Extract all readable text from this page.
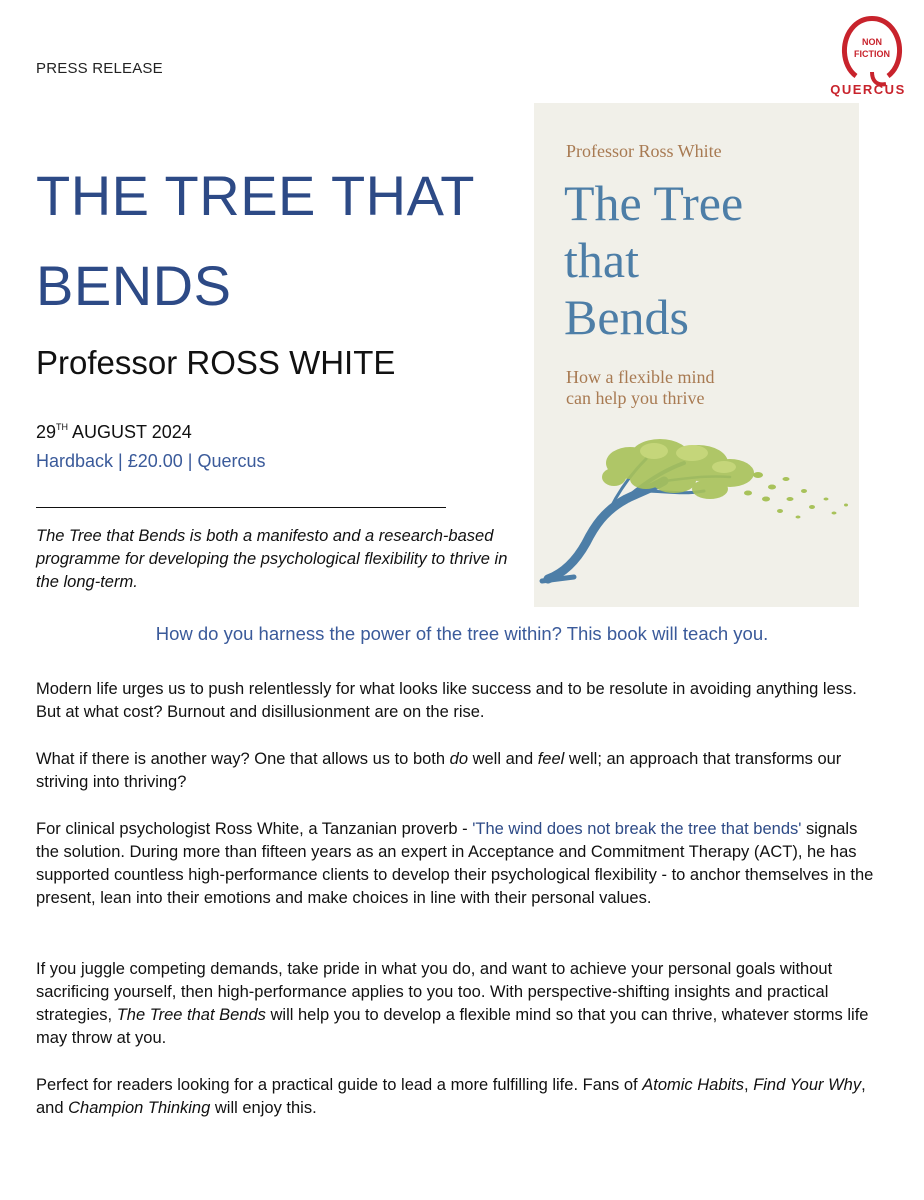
PRESS RELEASE
NON
FICTION
QUERCUS
THE TREE THAT
BENDS
Professor ROSS WHITE
29TH AUGUST 2024
Hardback | £20.00 | Quercus
The Tree that Bends is both a manifesto and a research-based programme for developing the psychological flexibility to thrive in the long-term.
Professor Ross White
The Tree
that
Bends
How a flexible mind
can help you thrive
How do you harness the power of the tree within? This book will teach you.
Modern life urges us to push relentlessly for what looks like success and to be resolute in avoiding anything less. But at what cost? Burnout and disillusionment are on the rise.
What if there is another way? One that allows us to both do well and feel well; an approach that transforms our striving into thriving?
For clinical psychologist Ross White, a Tanzanian proverb - 'The wind does not break the tree that bends' signals the solution. During more than fifteen years as an expert in Acceptance and Commitment Therapy (ACT), he has supported countless high-performance clients to develop their psychological flexibility - to anchor themselves in the present, lean into their emotions and make choices in line with their personal values.
If you juggle competing demands, take pride in what you do, and want to achieve your personal goals without sacrificing yourself, then high-performance applies to you too. With perspective-shifting insights and practical strategies, The Tree that Bends will help you to develop a flexible mind so that you can thrive, whatever storms life may throw at you.
Perfect for readers looking for a practical guide to lead a more fulfilling life. Fans of Atomic Habits, Find Your Why, and Champion Thinking will enjoy this.
